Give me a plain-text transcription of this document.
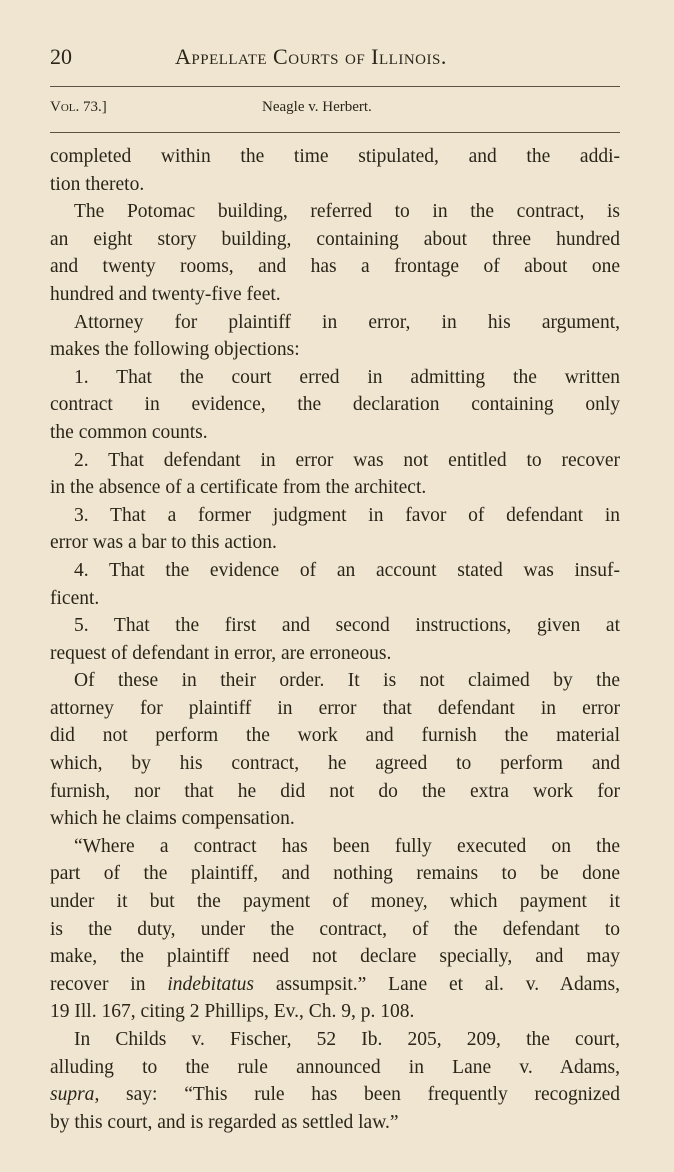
20	Appellate Courts of Illinois.
Vol. 73.]	Neagle v. Herbert.
completed within the time stipulated, and the addi-
tion thereto.
The Potomac building, referred to in the contract, is
an eight story building, containing about three hundred
and twenty rooms, and has a frontage of about one
hundred and twenty-five feet.
Attorney for plaintiff in error, in his argument,
makes the following objections:
1. That the court erred in admitting the written
contract in evidence, the declaration containing only
the common counts.
2. That defendant in error was not entitled to recover
in the absence of a certificate from the architect.
3. That a former judgment in favor of defendant in
error was a bar to this action.
4. That the evidence of an account stated was insuf-
ficent.
5. That the first and second instructions, given at
request of defendant in error, are erroneous.
Of these in their order. It is not claimed by the
attorney for plaintiff in error that defendant in error
did not perform the work and furnish the material
which, by his contract, he agreed to perform and
furnish, nor that he did not do the extra work for
which he claims compensation.
“Where a contract has been fully executed on the
part of the plaintiff, and nothing remains to be done
under it but the payment of money, which payment it
is the duty, under the contract, of the defendant to
make, the plaintiff need not declare specially, and may
recover in indebitatus assumpsit.” Lane et al. v. Adams,
19 Ill. 167, citing 2 Phillips, Ev., Ch. 9, p. 108.
In Childs v. Fischer, 52 Ib. 205, 209, the court,
alluding to the rule announced in Lane v. Adams,
supra, say: “This rule has been frequently recognized
by this court, and is regarded as settled law.”
